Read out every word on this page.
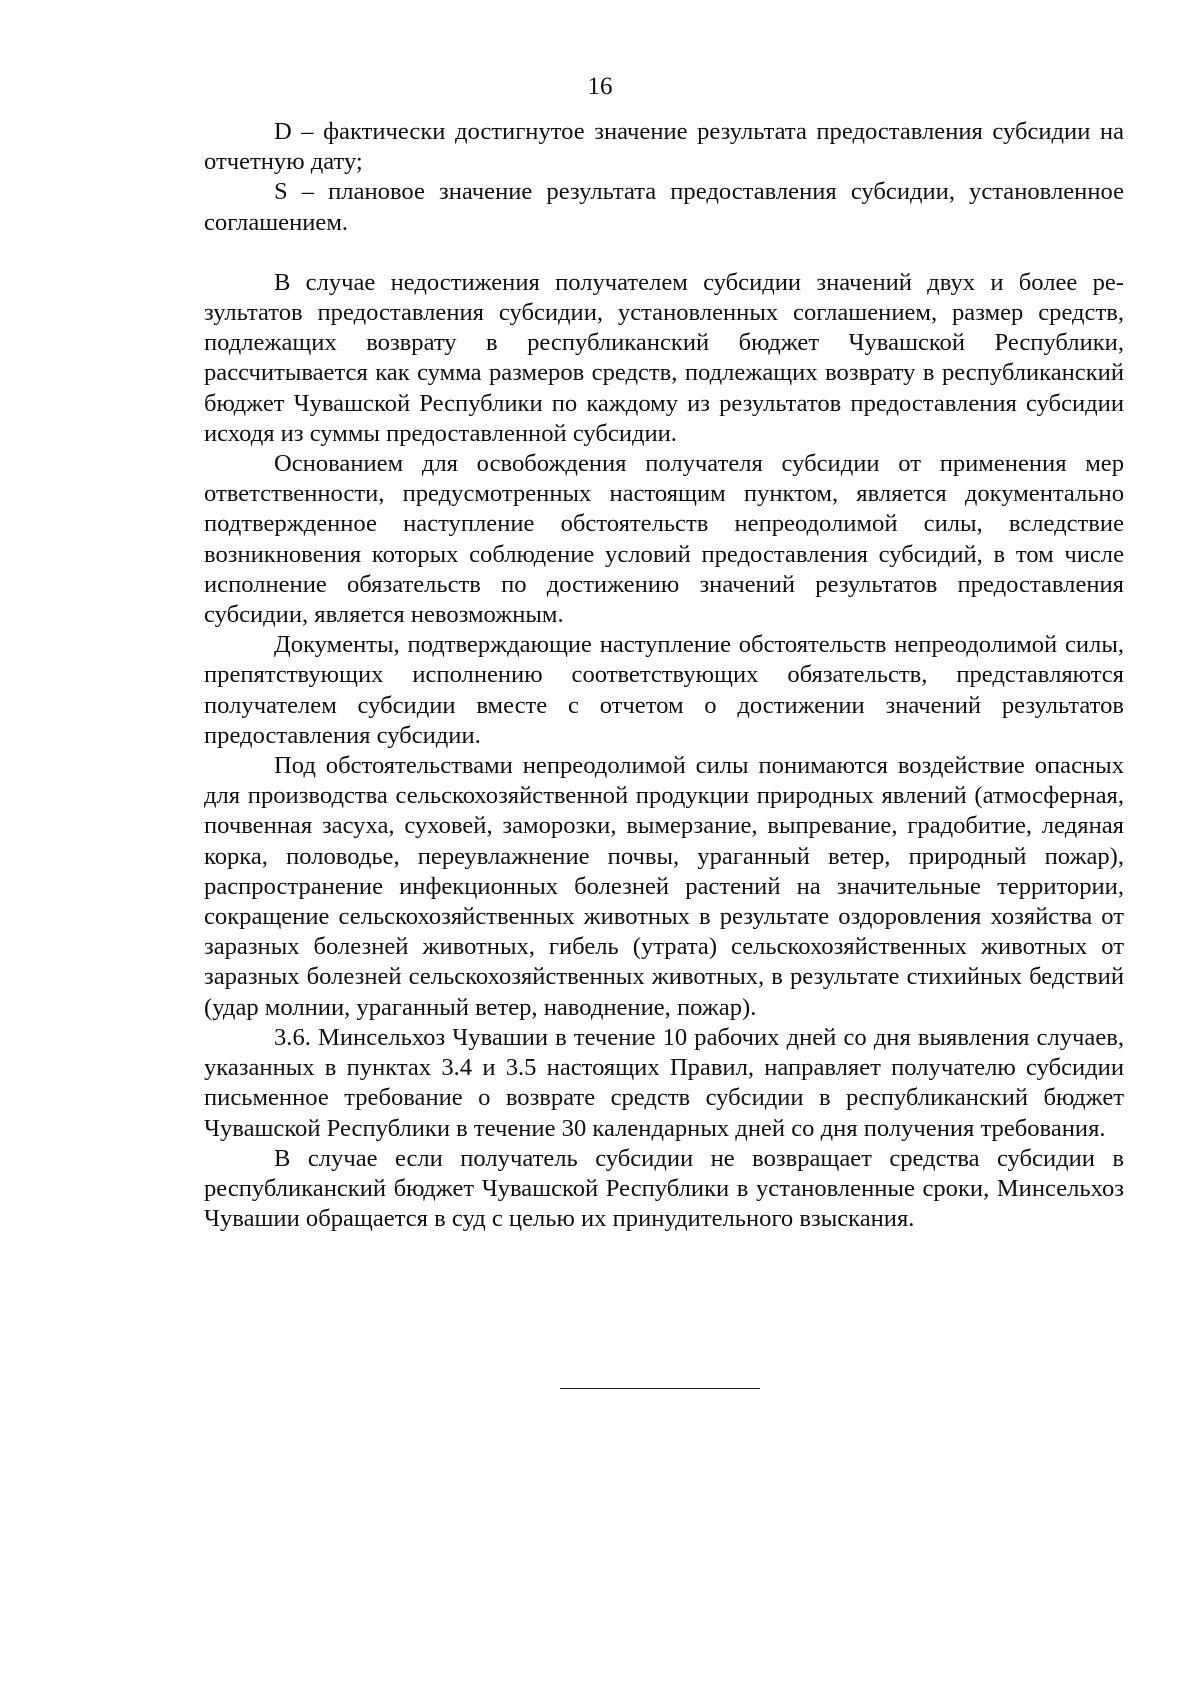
16

D – фактически достигнутое значение результата предоставления субсидии на отчетную дату;

S – плановое значение результата предоставления субсидии, установленное соглашением.

В случае недостижения получателем субсидии значений двух и более результатов предоставления субсидии, установленных соглашением, размер средств, подлежащих возврату в республиканский бюджет Чувашской Республики, рассчитывается как сумма размеров средств, подлежащих возврату в республиканский бюджет Чувашской Республики по каждому из результатов предоставления субсидии исходя из суммы предоставленной субсидии.

Основанием для освобождения получателя субсидии от применения мер ответственности, предусмотренных настоящим пунктом, является документально подтвержденное наступление обстоятельств непреодолимой силы, вследствие возникновения которых соблюдение условий предоставления субсидий, в том числе исполнение обязательств по достижению значений результатов предоставления субсидии, является невозможным.

Документы, подтверждающие наступление обстоятельств непреодолимой силы, препятствующих исполнению соответствующих обязательств, представляются получателем субсидии вместе с отчетом о достижении значений результатов предоставления субсидии.

Под обстоятельствами непреодолимой силы понимаются воздействие опасных для производства сельскохозяйственной продукции природных явлений (атмосферная, почвенная засуха, суховей, заморозки, вымерзание, выпревание, градобитие, ледяная корка, половодье, переувлажнение почвы, ураганный ветер, природный пожар), распространение инфекционных болезней растений на значительные территории, сокращение сельскохозяйственных животных в результате оздоровления хозяйства от заразных болезней животных, гибель (утрата) сельскохозяйственных животных от заразных болезней сельскохозяйственных животных, в результате стихийных бедствий (удар молнии, ураганный ветер, наводнение, пожар).

3.6. Минсельхоз Чувашии в течение 10 рабочих дней со дня выявления случаев, указанных в пунктах 3.4 и 3.5 настоящих Правил, направляет получателю субсидии письменное требование о возврате средств субсидии в республиканский бюджет Чувашской Республики в течение 30 календарных дней со дня получения требования.

В случае если получатель субсидии не возвращает средства субсидии в республиканский бюджет Чувашской Республики в установленные сроки, Минсельхоз Чувашии обращается в суд с целью их принудительного взыскания.
